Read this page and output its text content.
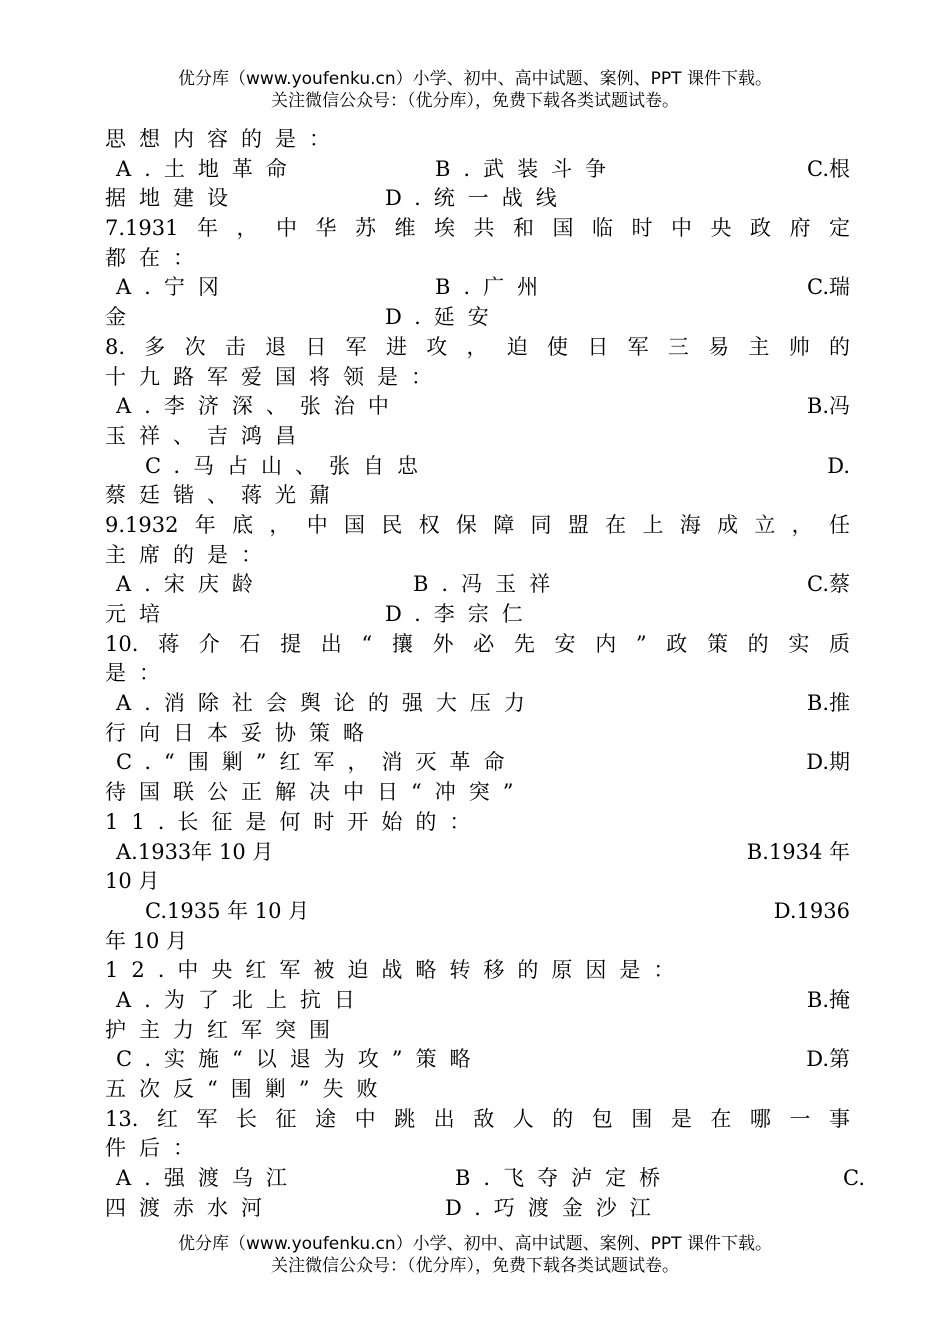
优分库（www.youfenku.cn）小学、初中、高中试题、案例、PPT 课件下载。
关注微信公众号：（优分库），免费下载各类试题试卷。
思想内容的是：
A.土地革命	B.武装斗争	C.根
据地建设	D.统一战线
7.1931年，中华苏维埃共和国临时中央政府定
都在：
A.宁冈	B.广州	C.瑞
金	D.延安
8.多次击退日军进攻，迫使日军三易主帅的
十九路军爱国将领是：
A.李济深、张治中	B.冯
玉祥、吉鸿昌
C.马占山、张自忠	D.
蔡廷锴、蒋光鼐
9.1932年底，中国民权保障同盟在上海成立，任
主席的是：
A.宋庆龄	B.冯玉祥	C.蔡
元培	D.李宗仁
10.蒋介石提出“攘外必先安内”政策的实质
是：
A.消除社会舆论的强大压力	B.推
行向日本妥协策略
C.“围剿”红军，消灭革命	D.期
待国联公正解决中日“冲突”
11.长征是何时开始的：
A.1933年 10 月	B.1934 年
10 月
C.1935 年 10 月	D.1936
年 10 月
12.中央红军被迫战略转移的原因是：
A.为了北上抗日	B.掩
护主力红军突围
C.实施“以退为攻”策略	D.第
五次反“围剿”失败
13.红军长征途中跳出敌人的包围是在哪一事
件后：
A.强渡乌江	B.飞夺泸定桥	C.
四渡赤水河	D.巧渡金沙江
优分库（www.youfenku.cn）小学、初中、高中试题、案例、PPT 课件下载。
关注微信公众号：（优分库），免费下载各类试题试卷。
